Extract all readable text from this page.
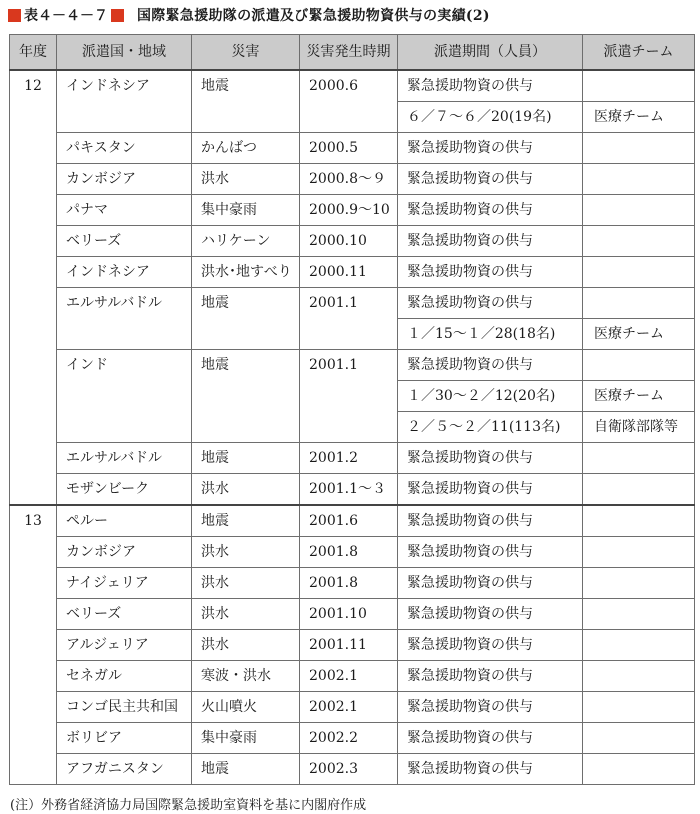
表４－４－７ 国際緊急援助隊の派遣及び緊急援助物資供与の実績(2)
年度	派遣国・地域	災害	災害発生時期	派遣期間（人員）	派遣チーム
12	インドネシア	地震	2000.6	緊急援助物資の供与	
				６／７～６／20(19名)	医療チーム
	パキスタン	かんばつ	2000.5	緊急援助物資の供与	
	カンボジア	洪水	2000.8～９	緊急援助物資の供与	
	パナマ	集中豪雨	2000.9～10	緊急援助物資の供与	
	ベリーズ	ハリケーン	2000.10	緊急援助物資の供与	
	インドネシア	洪水･地すべり	2000.11	緊急援助物資の供与	
	エルサルバドル	地震	2001.1	緊急援助物資の供与	
				１／15～１／28(18名)	医療チーム
	インド	地震	2001.1	緊急援助物資の供与	
				１／30～２／12(20名)	医療チーム
				２／５～２／11(113名)	自衛隊部隊等
	エルサルバドル	地震	2001.2	緊急援助物資の供与	
	モザンビーク	洪水	2001.1～３	緊急援助物資の供与	
13	ペルー	地震	2001.6	緊急援助物資の供与	
	カンボジア	洪水	2001.8	緊急援助物資の供与	
	ナイジェリア	洪水	2001.8	緊急援助物資の供与	
	ベリーズ	洪水	2001.10	緊急援助物資の供与	
	アルジェリア	洪水	2001.11	緊急援助物資の供与	
	セネガル	寒波・洪水	2002.1	緊急援助物資の供与	
	コンゴ民主共和国	火山噴火	2002.1	緊急援助物資の供与	
	ボリビア	集中豪雨	2002.2	緊急援助物資の供与	
	アフガニスタン	地震	2002.3	緊急援助物資の供与	
(注）外務省経済協力局国際緊急援助室資料を基に内閣府作成
